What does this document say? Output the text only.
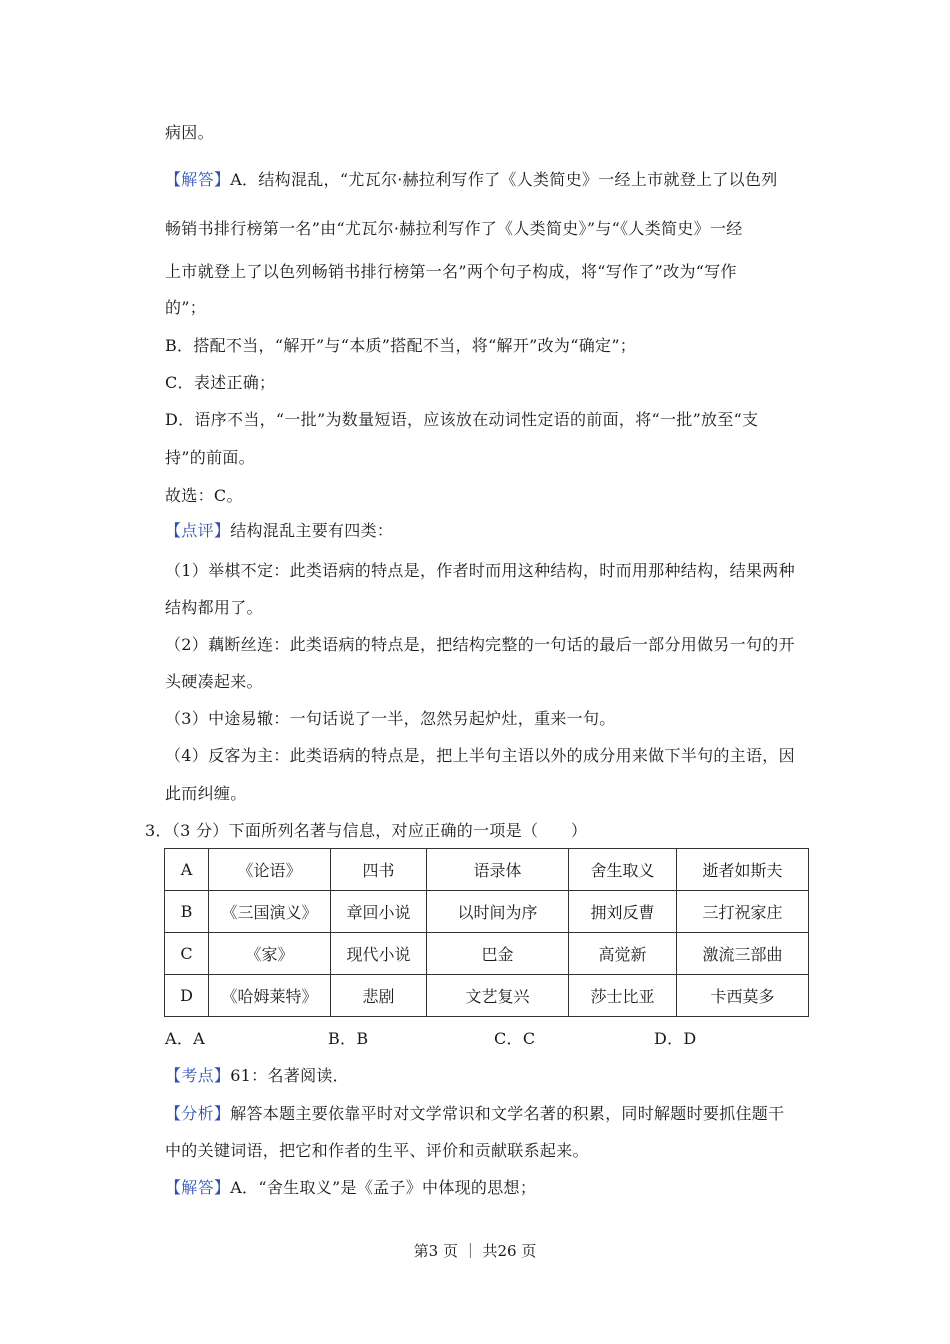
病因。
【解答】A．结构混乱，“尤瓦尔·赫拉利写作了《人类简史》一经上市就登上了以色列
畅销书排行榜第一名”由“尤瓦尔·赫拉利写作了《人类简史》”与“《人类简史》一经
上市就登上了以色列畅销书排行榜第一名”两个句子构成，将“写作了”改为“写作
的”；
B．搭配不当，“解开”与“本质”搭配不当，将“解开”改为“确定”；
C．表述正确；
D．语序不当，“一批”为数量短语，应该放在动词性定语的前面，将“一批”放至“支
持”的前面。
故选：C。
【点评】结构混乱主要有四类：
（1）举棋不定：此类语病的特点是，作者时而用这种结构，时而用那种结构，结果两种
结构都用了。
（2）藕断丝连：此类语病的特点是，把结构完整的一句话的最后一部分用做另一句的开
头硬凑起来。
（3）中途易辙：一句话说了一半，忽然另起炉灶，重来一句。
（4）反客为主：此类语病的特点是，把上半句主语以外的成分用来做下半句的主语，因
此而纠缠。
3．（3 分）下面所列名著与信息，对应正确的一项是（　　）
A	《论语》	四书	语录体	舍生取义	逝者如斯夫
B	《三国演义》	章回小说	以时间为序	拥刘反曹	三打祝家庄
C	《家》	现代小说	巴金	高觉新	激流三部曲
D	《哈姆莱特》	悲剧	文艺复兴	莎士比亚	卡西莫多
A．A	B．B	C．C	D．D
【考点】61：名著阅读．
【分析】解答本题主要依靠平时对文学常识和文学名著的积累，同时解题时要抓住题干
中的关键词语，把它和作者的生平、评价和贡献联系起来。
【解答】A．“舍生取义”是《孟子》中体现的思想；
第3 页 ｜ 共26 页
